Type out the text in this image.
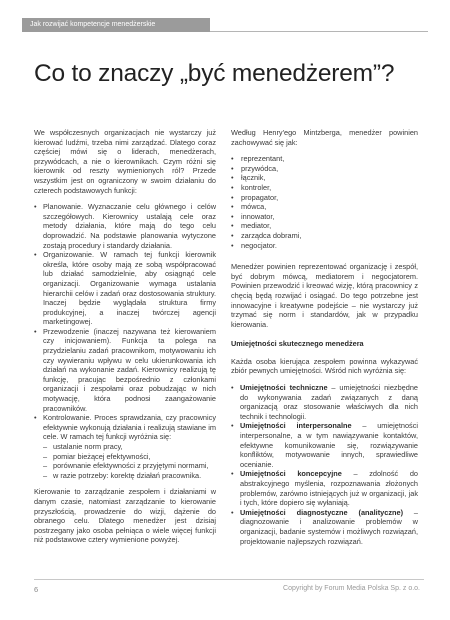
Jak rozwijać kompetencje menedżerskie
Co to znaczy „być menedżerem”?

We współczesnych organizacjach nie wystarczy już kierować ludźmi, trzeba nimi zarządzać. Dlatego coraz częściej mówi się o liderach, menedżerach, przywódcach, a nie o kierownikach. Czym różni się kierownik od reszty wymienionych ról? Przede wszystkim jest on ograniczony w swoim działaniu do czterech podstawowych funkcji:

• Planowanie. Wyznaczanie celu głównego i celów szczegółowych. Kierownicy ustalają cele oraz metody działania, które mają do tego celu doprowadzić. Na podstawie planowania wytyczone zostają procedury i standardy działania.
• Organizowanie. W ramach tej funkcji kierownik określa, które osoby mają ze sobą współpracować lub działać samodzielnie, aby osiągnąć cele organizacji. Organizowanie wymaga ustalania hierarchii celów i zadań oraz dostosowania struktury. Inaczej będzie wyglądała struktura firmy produkcyjnej, a inaczej twórczej agencji marketingowej.
• Przewodzenie (inaczej nazywana też kierowaniem czy inicjowaniem). Funkcja ta polega na przydzielaniu zadań pracownikom, motywowaniu ich czy wywieraniu wpływu w celu ukierunkowania ich działań na wykonanie zadań. Kierownicy realizują tę funkcję, pracując bezpośrednio z członkami organizacji i zespołami oraz pobudzając w nich motywację, która podnosi zaangażowanie pracowników.
• Kontrolowanie. Proces sprawdzania, czy pracownicy efektywnie wykonują działania i realizują stawiane im cele. W ramach tej funkcji wyróżnia się:
– ustalanie norm pracy,
– pomiar bieżącej efektywności,
– porównanie efektywności z przyjętymi normami,
– w razie potrzeby: korektę działań pracownika.

Kierowanie to zarządzanie zespołem i działaniami w danym czasie, natomiast zarządzanie to kierowanie przyszłością, prowadzenie do wizji, dążenie do obranego celu. Dlatego menedżer jest dzisiaj postrzegany jako osoba pełniąca o wiele więcej funkcji niż podstawowe cztery wymienione powyżej.

Według Henry'ego Mintzberga, menedżer powinien zachowywać się jak:

• reprezentant,
• przywódca,
• łącznik,
• kontroler,
• propagator,
• mówca,
• innowator,
• mediator,
• zarządca dobrami,
• negocjator.

Menedżer powinien reprezentować organizację i zespół, być dobrym mówcą, mediatorem i negocjatorem. Powinien przewodzić i kreować wizję, którą pracownicy z chęcią będą rozwijać i osiągać. Do tego potrzebne jest innowacyjne i kreatywne podejście – nie wystarczy już trzymać się norm i standardów, jak w przypadku kierowania.

Umiejętności skutecznego menedżera

Każda osoba kierująca zespołem powinna wykazywać zbiór pewnych umiejętności. Wśród nich wyróżnia się:

• Umiejętności techniczne – umiejętności niezbędne do wykonywania zadań związanych z daną organizacją oraz stosowanie właściwych dla nich technik i technologii.
• Umiejętności interpersonalne – umiejętności interpersonalne, a w tym nawiązywanie kontaktów, efektywne komunikowanie się, rozwiązywanie konfliktów, motywowanie innych, sprawiedliwe ocenianie.
• Umiejętności koncepcyjne – zdolność do abstrakcyjnego myślenia, rozpoznawania złożonych problemów, zarówno istniejących już w organizacji, jak i tych, które dopiero się wyłaniają.
• Umiejętności diagnostyczne (analityczne) – diagnozowanie i analizowanie problemów w organizacji, badanie systemów i możliwych rozwiązań, projektowanie najlepszych rozwiązań.
6	Copyright by Forum Media Polska Sp. z o.o.
